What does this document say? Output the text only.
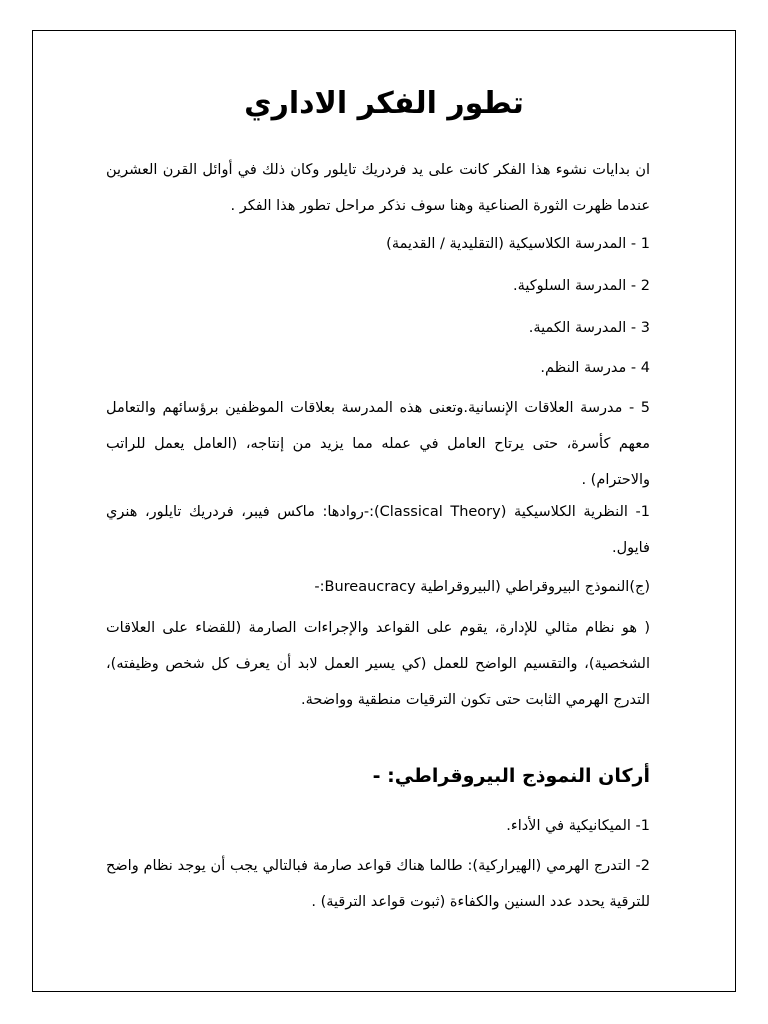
تطور الفكر الاداري

ان بدايات نشوء هذا الفكر كانت على يد فردريك تايلور وكان ذلك في أوائل القرن العشرين عندما ظهرت الثورة الصناعية وهنا سوف نذكر مراحل تطور هذا الفكر .

1 - المدرسة الكلاسيكية (التقليدية / القديمة)
2 - المدرسة السلوكية.
3 - المدرسة الكمية.
4 - مدرسة النظم.

5 - مدرسة العلاقات الإنسانية.وتعنى هذه المدرسة بعلاقات الموظفين برؤسائهم والتعامل معهم كأسرة، حتى يرتاح العامل في عمله مما يزيد من إنتاجه، (العامل يعمل للراتب والاحترام) .

1- النظرية الكلاسيكية (Classical Theory):-روادها: ماكس فيبر، فردريك تايلور، هنري فايول.

(ج)النموذج البيروقراطي (البيروقراطية Bureaucracy:-

( هو نظام مثالي للإدارة، يقوم على القواعد والإجراءات الصارمة (للقضاء على العلاقات الشخصية)، والتقسيم الواضح للعمل (كي يسير العمل لابد أن يعرف كل شخص وظيفته)، التدرج الهرمي الثابت حتى تكون الترقيات منطقية وواضحة.

أركان النموذج البيروقراطي: -
1- الميكانيكية في الأداء.

2- التدرج الهرمي (الهيراركية): طالما هناك قواعد صارمة فبالتالي يجب أن يوجد نظام واضح للترقية يحدد عدد السنين والكفاءة (ثبوت قواعد الترقية) .
